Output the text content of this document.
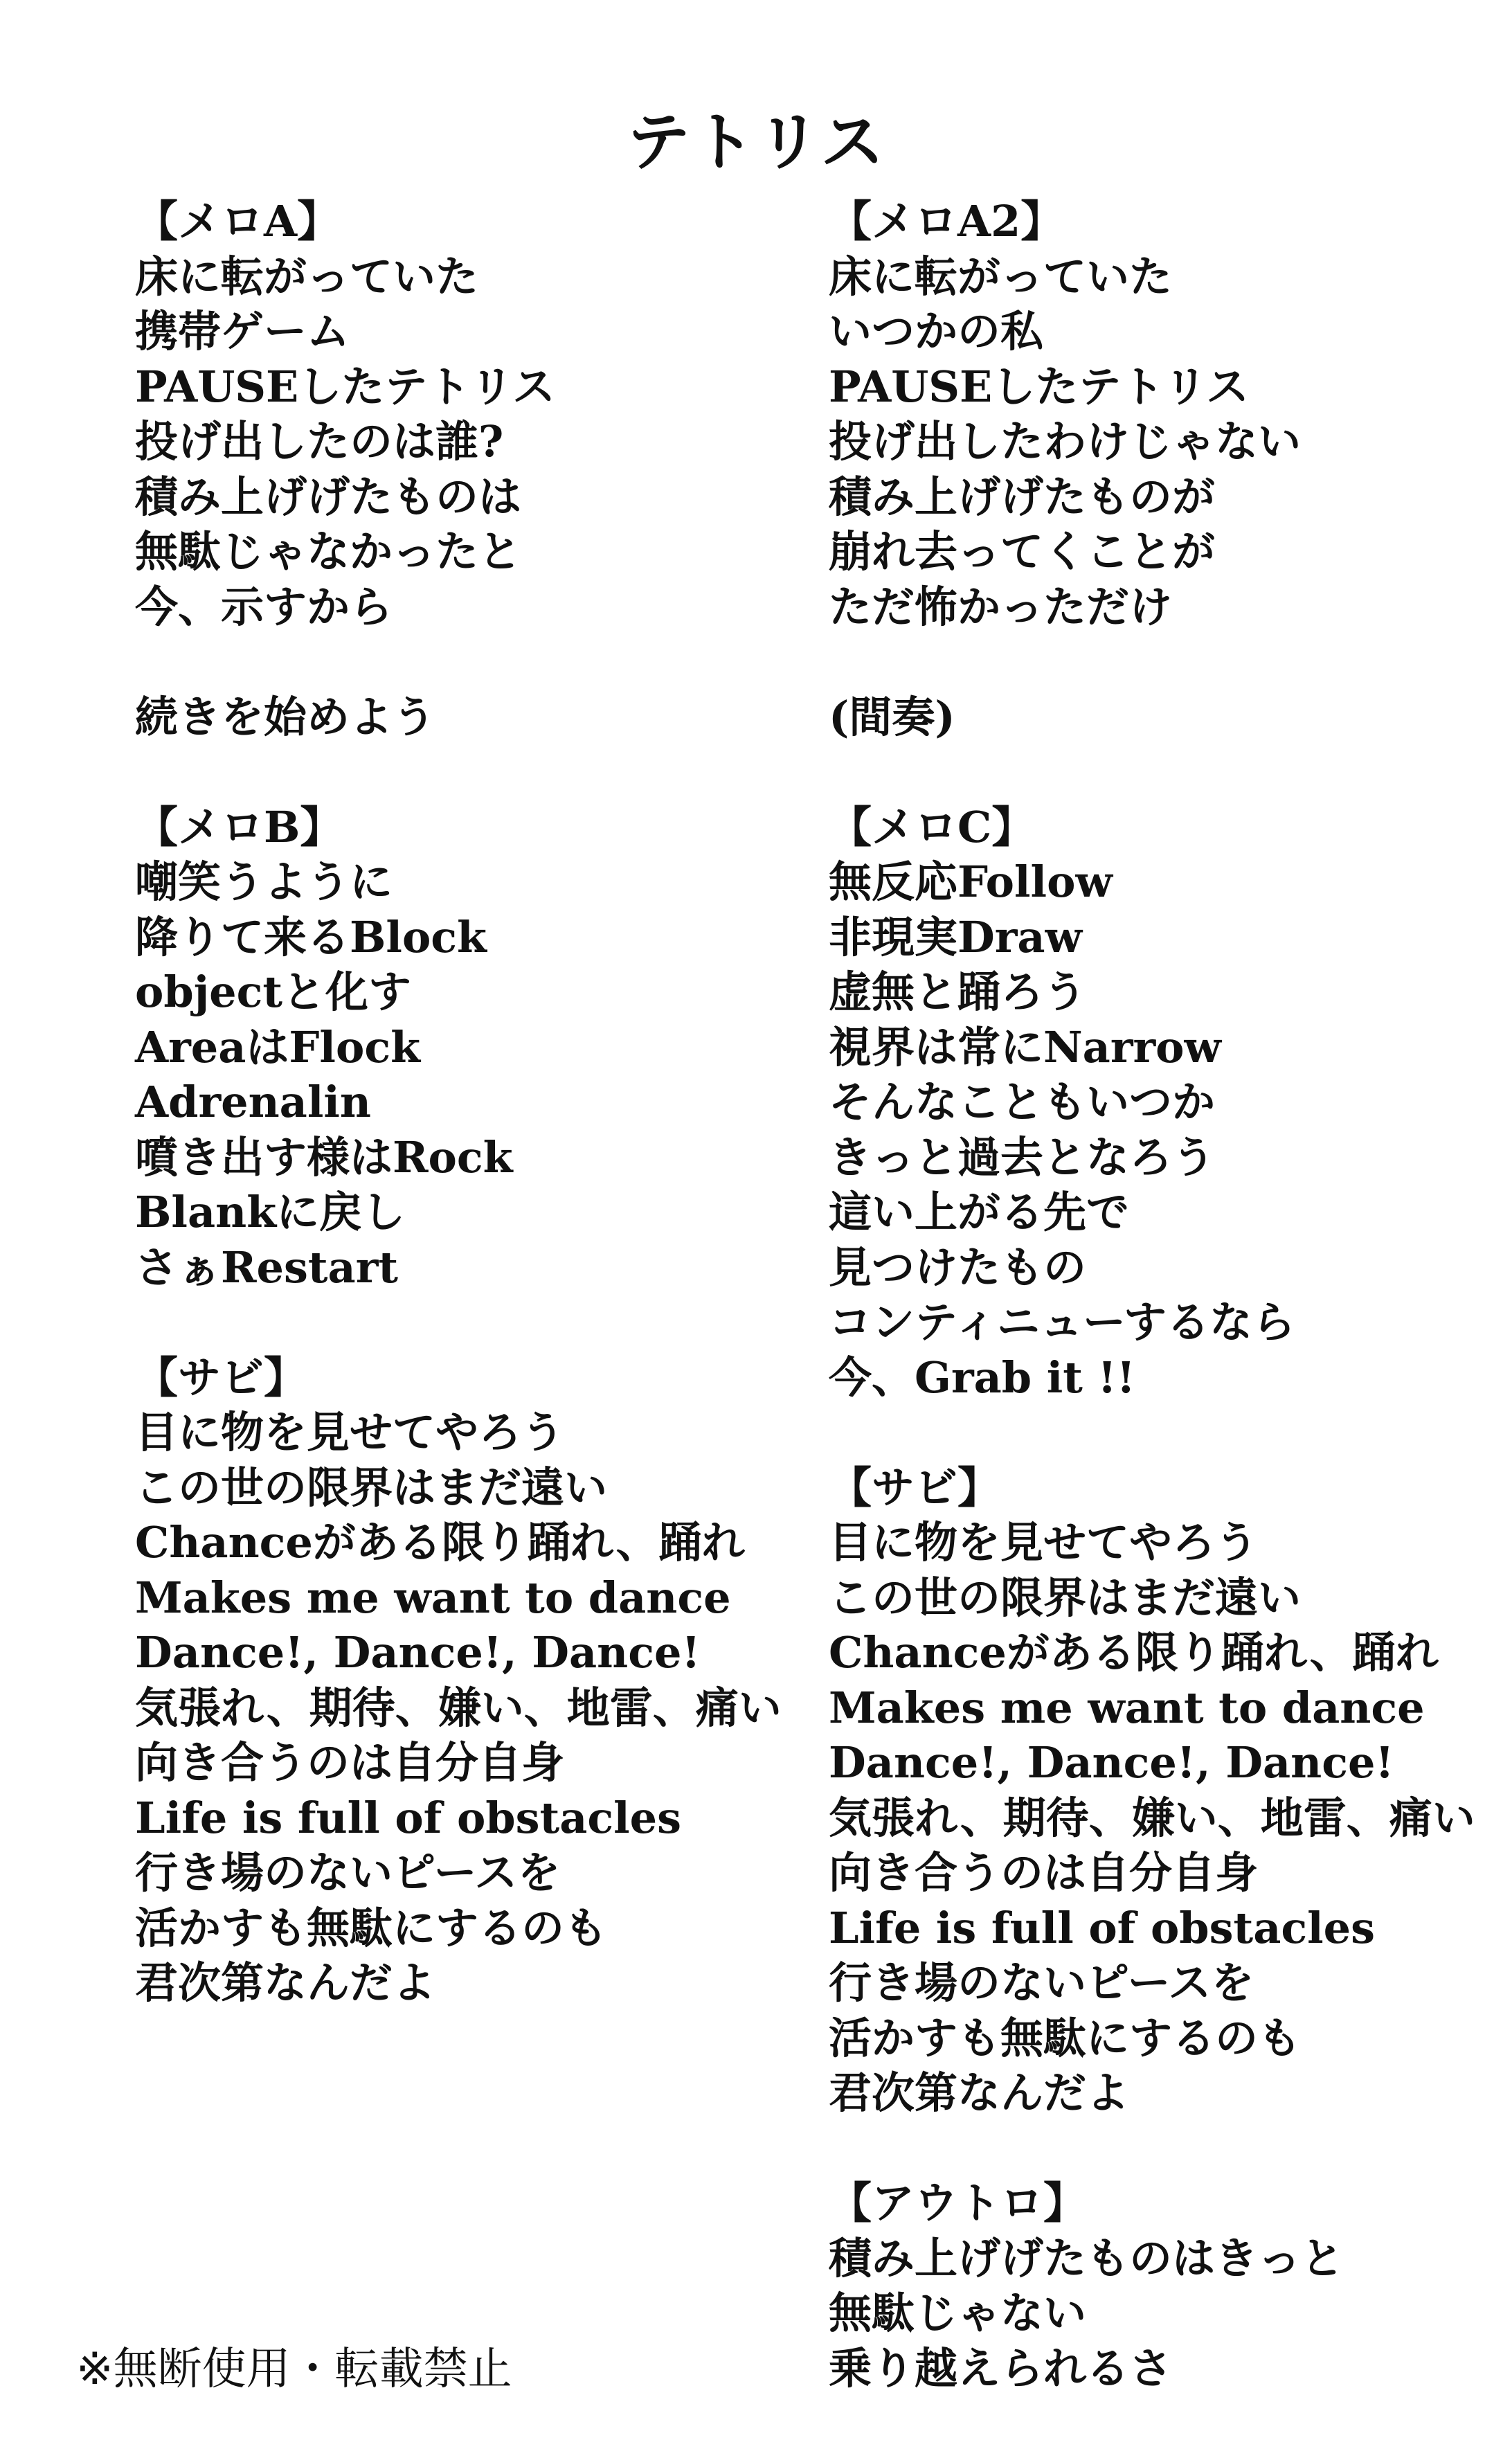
テトリス
【メロA】
床に転がっていた
携帯ゲーム
PAUSEしたテトリス
投げ出したのは誰?
積み上げげたものは
無駄じゃなかったと
今、示すから
続きを始めよう
【メロB】
嘲笑うように
降りて来るBlock
objectと化す
AreaはFlock
Adrenalin
噴き出す様はRock
Blankに戻し
さぁRestart
【サビ】
目に物を見せてやろう
この世の限界はまだ遠い
Chanceがある限り踊れ、踊れ
Makes me want to dance
Dance!, Dance!, Dance!
気張れ、期待、嫌い、地雷、痛い
向き合うのは自分自身
Life is full of obstacles
行き場のないピースを
活かすも無駄にするのも
君次第なんだよ
【メロA2】
床に転がっていた
いつかの私
PAUSEしたテトリス
投げ出したわけじゃない
積み上げげたものが
崩れ去ってくことが
ただ怖かっただけ
(間奏)
【メロC】
無反応Follow
非現実Draw
虚無と踊ろう
視界は常にNarrow
そんなこともいつか
きっと過去となろう
這い上がる先で
見つけたもの
コンティニューするなら
今、Grab it !!
【サビ】
目に物を見せてやろう
この世の限界はまだ遠い
Chanceがある限り踊れ、踊れ
Makes me want to dance
Dance!, Dance!, Dance!
気張れ、期待、嫌い、地雷、痛い
向き合うのは自分自身
Life is full of obstacles
行き場のないピースを
活かすも無駄にするのも
君次第なんだよ
【アウトロ】
積み上げげたものはきっと
無駄じゃない
乗り越えられるさ
※無断使用・転載禁止
